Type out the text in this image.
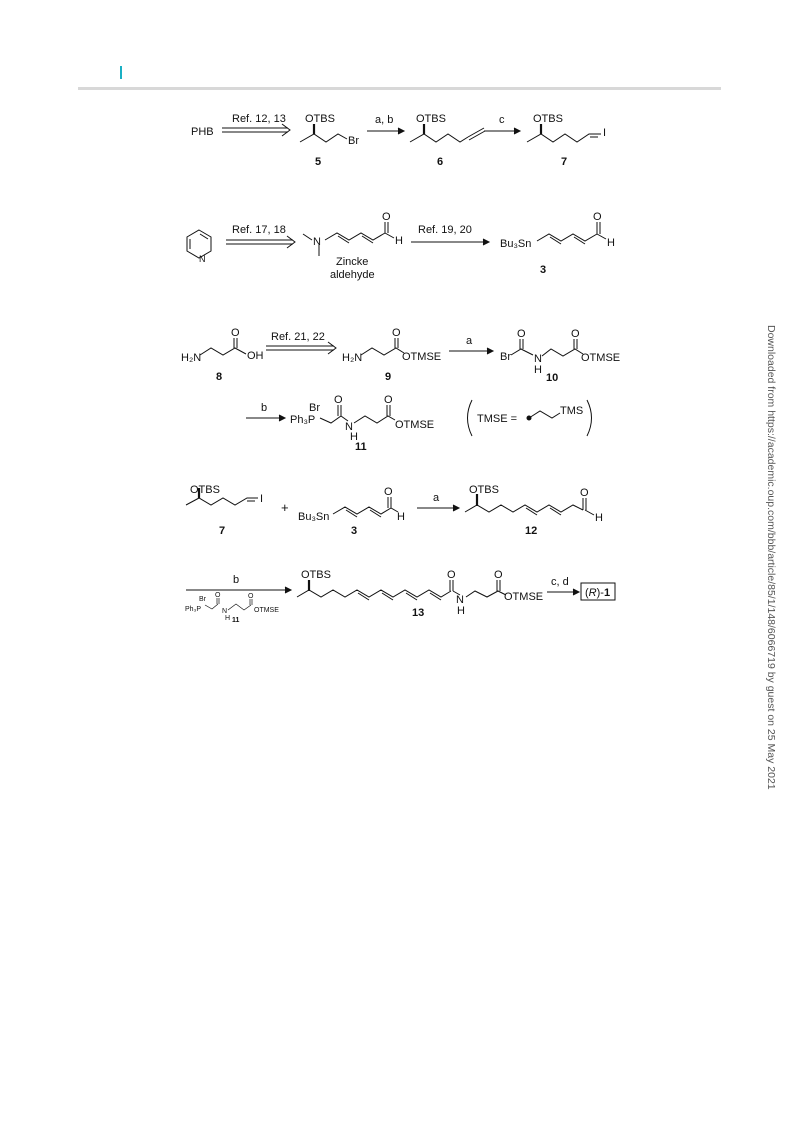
Downloaded from https://academic.oup.com/bbb/article/85/1/148/6066719 by guest on 25 May 2021
PHB
Ref. 12, 13 OTBS
Br
5
a, b OTBS
6
c	OTBS
I
7
N
Ref. 17, 18
N
O
H
Zincke
aldehyde
Ref. 19, 20
Bu₃Sn
O
H
3
H₂N
O
OH
8
Ref. 21, 22
H₂N
O
OTMSE
9
a
Br
O	O
N
H
OTMSE
10
b
Ph₃P
Br
O	O
N
H
OTMSE
11
TMSE =
TMS
OTBS
I
7
+
Bu₃Sn
O
H
3
a
OTBS	O
H
12
b
Ph₃P
Br
O	O
N
H
OTMSE
11
OTBS	O	O
N
H
OTMSE
13
c, d
(R)-1
